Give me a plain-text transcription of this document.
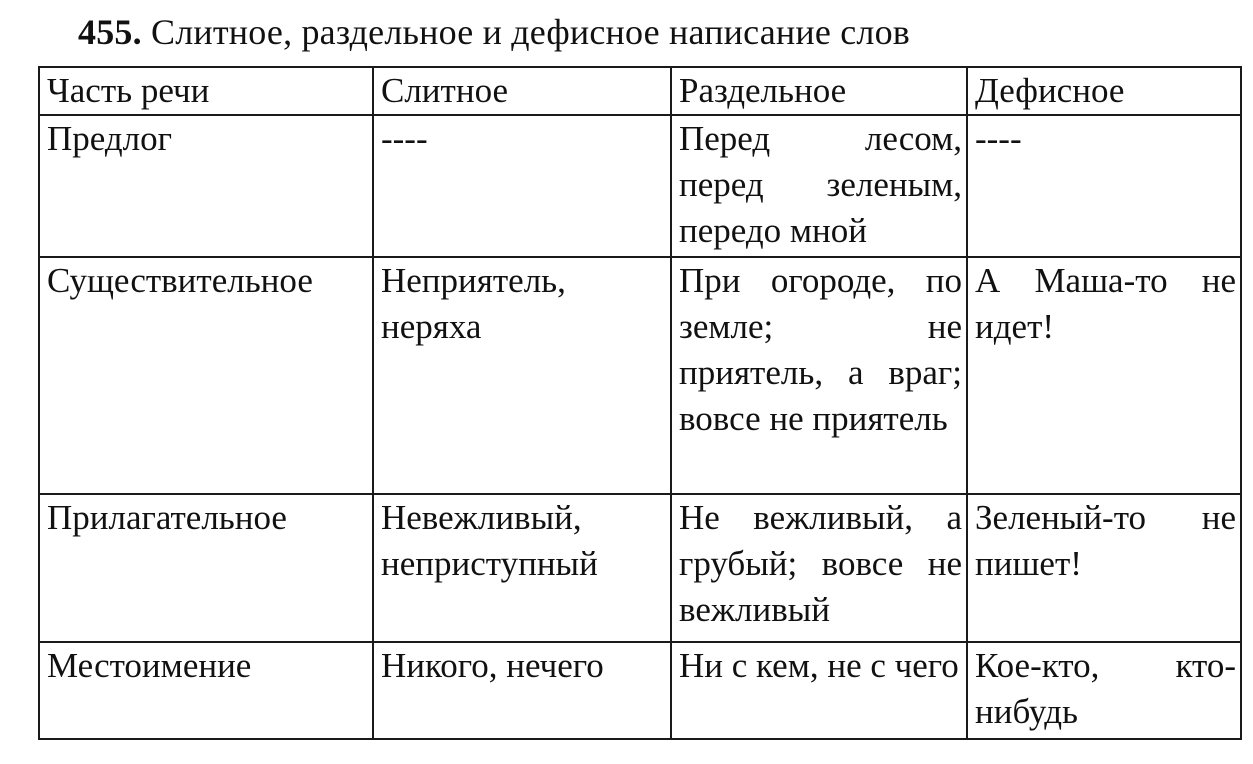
455. Слитное, раздельное и дефисное написание слов
Часть речи	Слитное	Раздельное	Дефисное
Предлог	----	Перед лесом, перед зеленым, передо мной	----
Существительное	Неприятель, неряха	При огороде, по земле; не приятель, а враг; вовсе не приятель	А Маша-то не идет!
Прилагательное	Невежливый, неприступный	Не вежливый, а грубый; вовсе не вежливый	Зеленый-то не пишет!
Местоимение	Никого, нечего	Ни с кем, не с чего	Кое-кто, кто-нибудь
